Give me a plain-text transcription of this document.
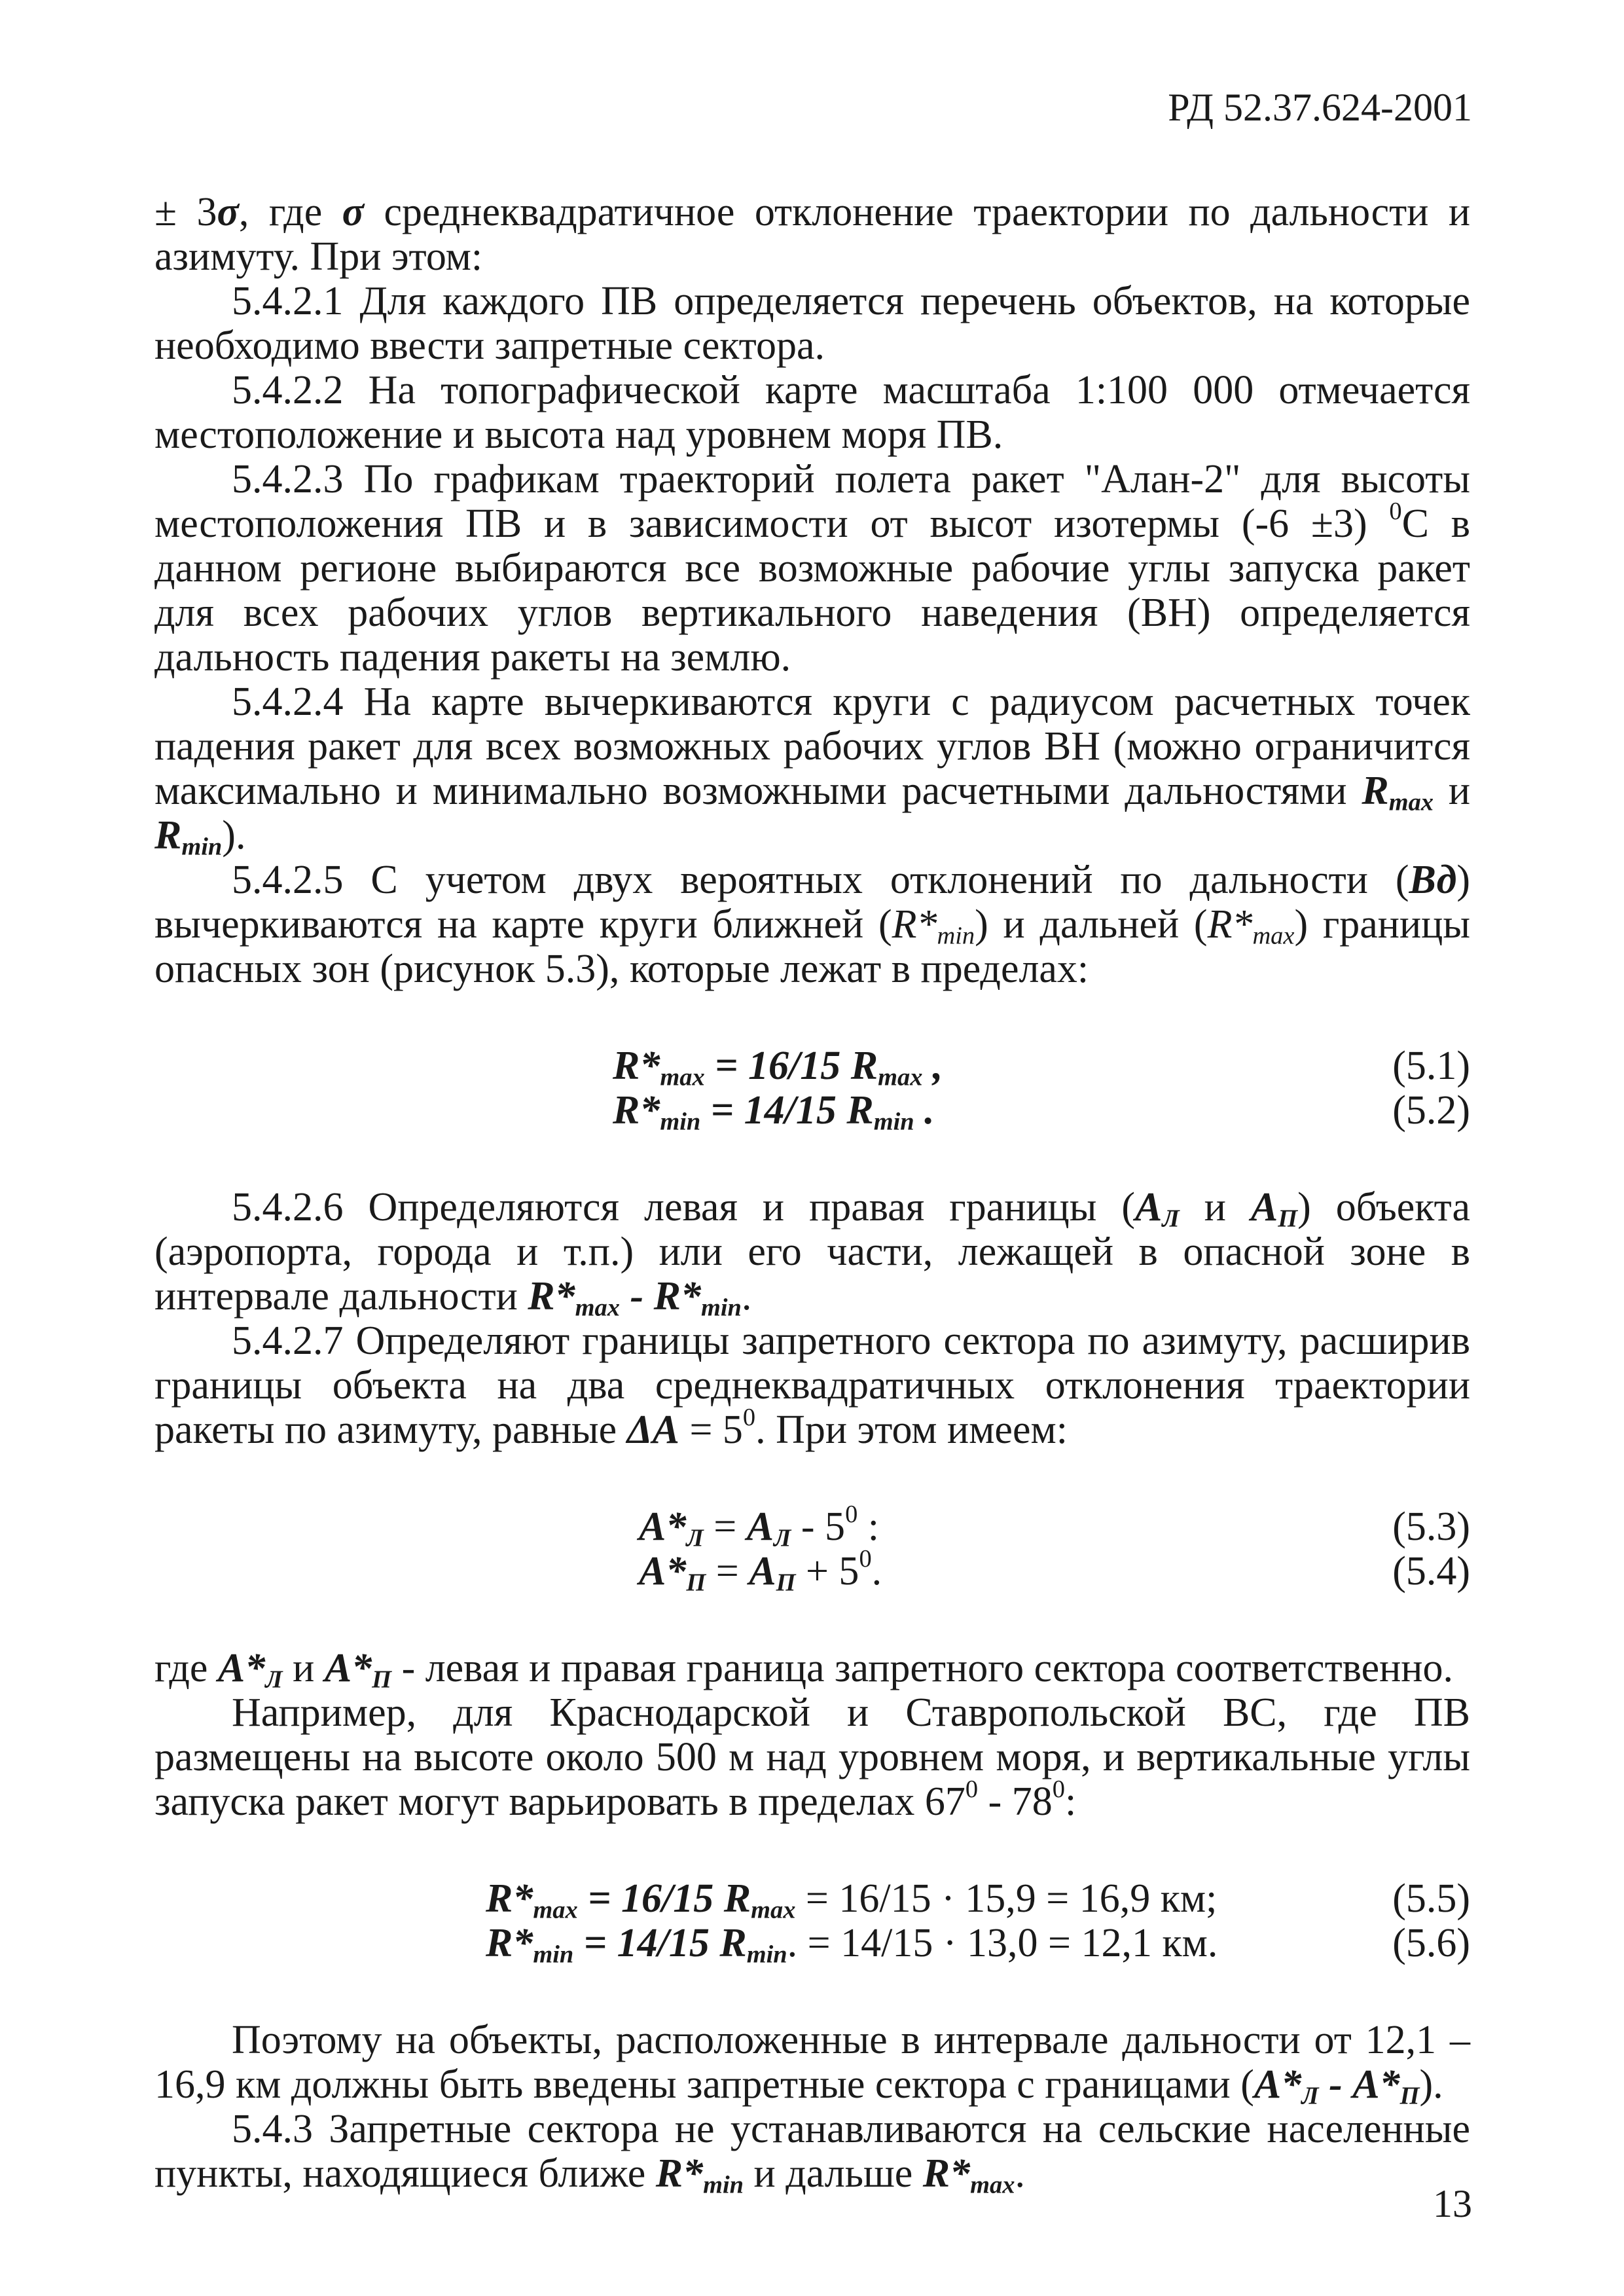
РД 52.37.624-2001

± 3σ, где σ среднеквадратичное отклонение траектории по дальности и азимуту. При этом:

5.4.2.1 Для каждого ПВ определяется перечень объектов, на которые необходимо ввести запретные сектора.

5.4.2.2 На топографической карте масштаба 1:100 000 отмечается местоположение и высота над уровнем моря ПВ.

5.4.2.3 По графикам траекторий полета ракет "Алан-2" для высоты местоположения ПВ и в зависимости от высот изотермы (-6 ±3) $^0$С в данном регионе выбираются все возможные рабочие углы запуска ракет для всех рабочих углов вертикального наведения (ВН) определяется дальность падения ракеты на землю.

5.4.2.4 На карте вычеркиваются круги с радиусом расчетных точек падения ракет для всех возможных рабочих углов ВН (можно ограничится максимально и минимально возможными расчетными дальностями $R_{max}$ и $R_{min}$).

5.4.2.5 С учетом двух вероятных отклонений по дальности (Вд) вычеркиваются на карте круги ближней $(R*_{min})$ и дальней $(R*_{max})$ границы опасных зон (рисунок 5.3), которые лежат в пределах:

$R*_{max} = 16/15$ $R_{max}$ ,	(5.1)
$R*_{min} = 14/15$ $R_{min}$ .	(5.2)

5.4.2.6 Определяются левая и правая границы ($А_Л$ и $А_П$) объекта (аэропорта, города и т.п.) или его части, лежащей в опасной зоне в интервале дальности $R*_{max} - R*_{min}$.

5.4.2.7 Определяют границы запретного сектора по азимуту, расширив границы объекта на два среднеквадратичных отклонения траектории ракеты по азимуту, равные $\Delta А = 5^0$. При этом имеем:

$А*_Л = А_Л - 5^0$ :	(5.3)
$А*_П = А_П + 5^0$.	(5.4)

где $А*_Л$ и $А*_П$ - левая и правая граница запретного сектора соответственно.

Например, для Краснодарской и Ставропольской ВС, где ПВ размещены на высоте около 500 м над уровнем моря, и вертикальные углы запуска ракет могут варьировать в пределах $67^0 - 78^0$:

$R*_{max} = 16/15$ $R_{max} = 16/15 \cdot 15,9 = 16,9$ км;	(5.5)
$R*_{min} = 14/15$ $R_{min}$. = 14/15 · 13,0 = 12,1 км.	(5.6)

Поэтому на объекты, расположенные в интервале дальности от 12,1 – 16,9 км должны быть введены запретные сектора с границами $(А*_Л - А*_П)$.

5.4.3 Запретные сектора не устанавливаются на сельские населенные пункты, находящиеся ближе $R*_{min}$ и дальше $R*_{max}$.

13
